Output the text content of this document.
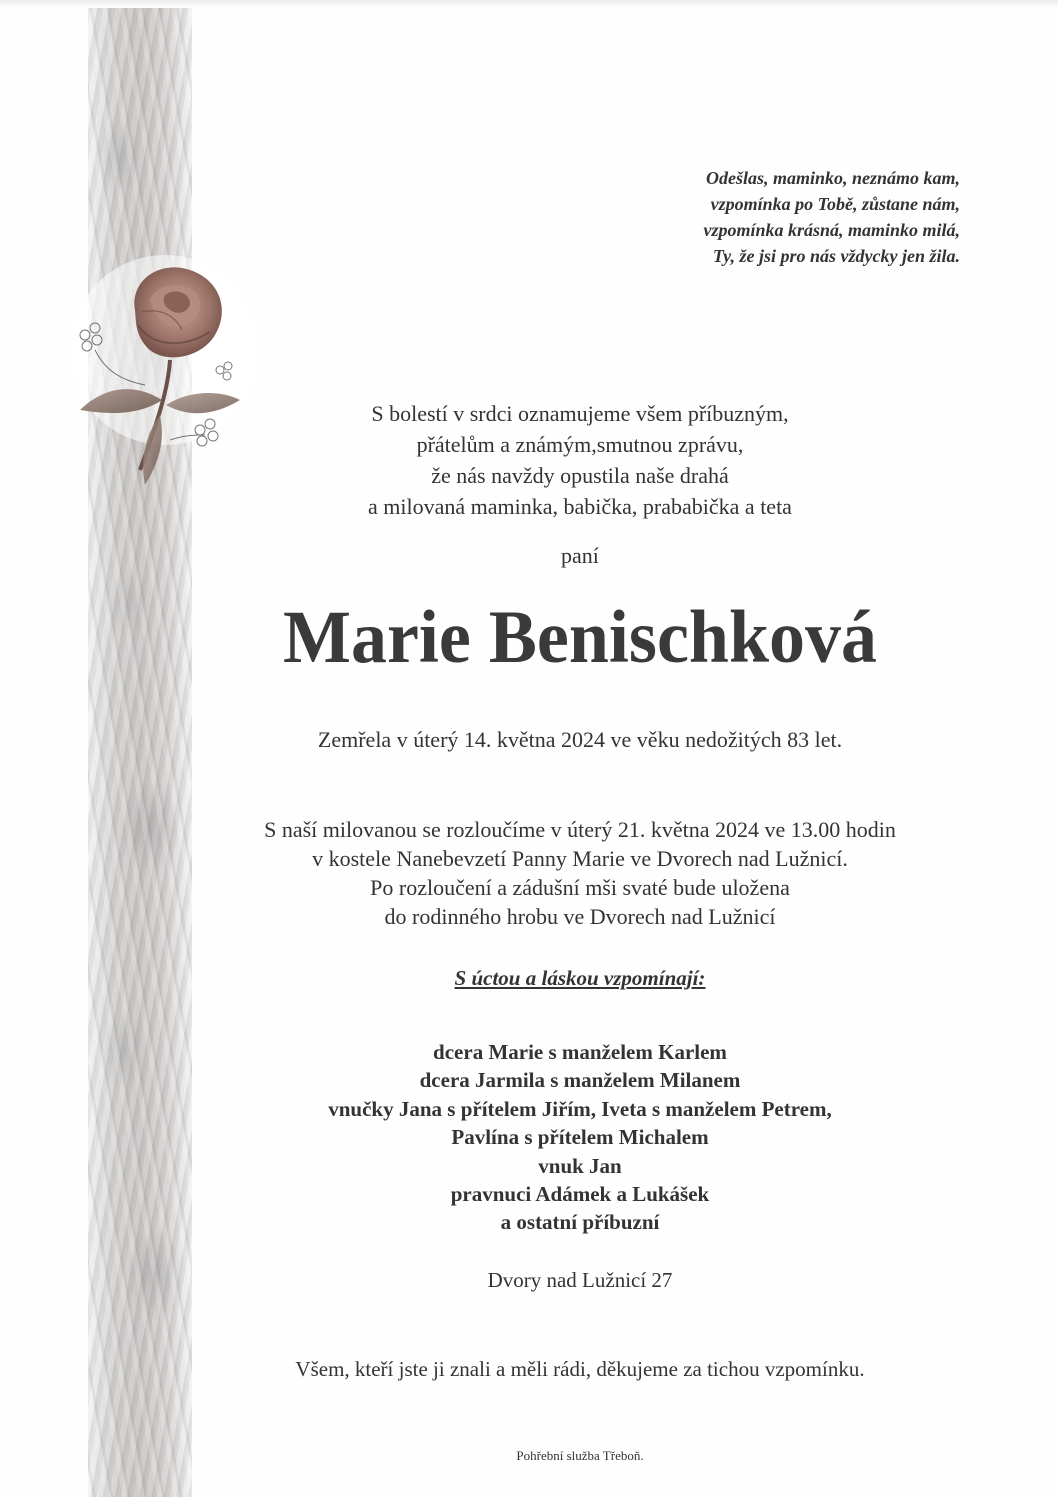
Odešlas, maminko, neznámo kam,
vzpomínka po Tobě, zůstane nám,
vzpomínka krásná, maminko milá,
Ty, že jsi pro nás vždycky jen žila.
S bolestí v srdci oznamujeme všem příbuzným,
přátelům a známým,smutnou zprávu,
že nás navždy opustila naše drahá
a milovaná maminka, babička, prababička a teta
paní
Marie Benischková
Zemřela v úterý 14. května 2024 ve věku nedožitých 83 let.
S naší milovanou se rozloučíme v úterý 21. května 2024 ve 13.00 hodin
v kostele Nanebevzetí Panny Marie ve Dvorech nad Lužnicí.
Po rozloučení a zádušní mši svaté bude uložena
do rodinného hrobu ve Dvorech nad Lužnicí
S úctou a láskou vzpomínají:
dcera Marie s manželem Karlem
dcera Jarmila s manželem Milanem
vnučky Jana s přítelem Jiřím, Iveta s manželem Petrem,
Pavlína s přítelem Michalem
vnuk Jan
pravnuci Adámek a Lukášek
a ostatní příbuzní
Dvory nad Lužnicí 27
Všem, kteří jste ji znali a měli rádi, děkujeme za tichou vzpomínku.
Pohřební služba Třeboň.
